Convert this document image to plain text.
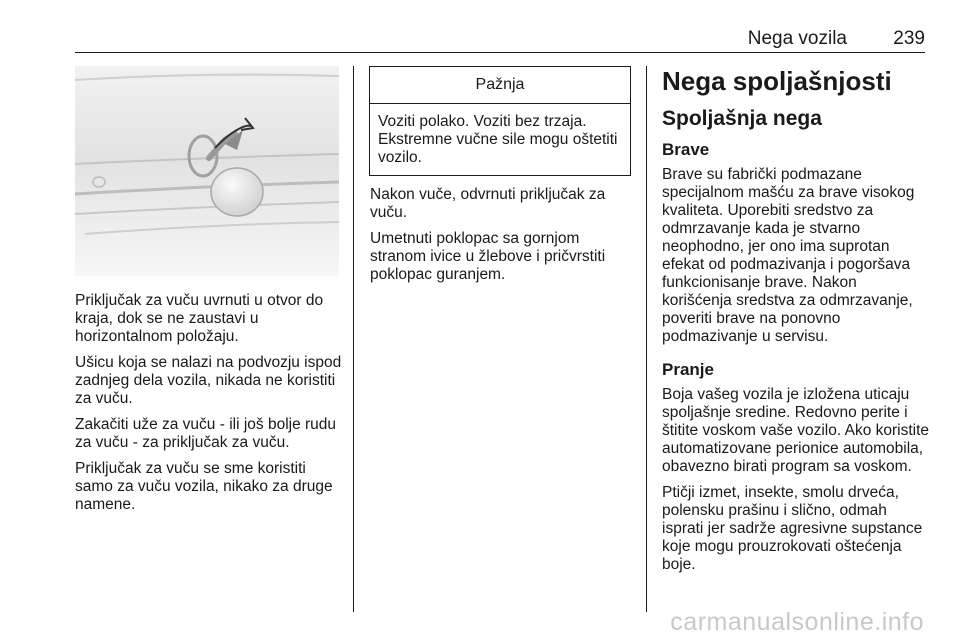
Nega vozila 239

Priključak za vuču uvrnuti u otvor do kraja, dok se ne zaustavi u horizontalnom položaju.

Ušicu koja se nalazi na podvozju ispod zadnjeg dela vozila, nikada ne koristiti za vuču.

Zakačiti uže za vuču - ili još bolje rudu za vuču - za priključak za vuču.

Priključak za vuču se sme koristiti samo za vuču vozila, nikako za druge namene.

Pažnja
Voziti polako. Voziti bez trzaja. Ekstremne vučne sile mogu oštetiti vozilo.

Nakon vuče, odvrnuti priključak za vuču.

Umetnuti poklopac sa gornjom stranom ivice u žlebove i pričvrstiti poklopac guranjem.

Nega spoljašnjosti
Spoljašnja nega
Brave

Brave su fabrički podmazane specijalnom mašću za brave visokog kvaliteta. Uporebiti sredstvo za odmrzavanje kada je stvarno neophodno, jer ono ima suprotan efekat od podmazivanja i pogoršava funkcionisanje brave. Nakon korišćenja sredstva za odmrzavanje, poveriti brave na ponovno podmazivanje u servisu.

Pranje

Boja vašeg vozila je izložena uticaju spoljašnje sredine. Redovno perite i štitite voskom vaše vozilo. Ako koristite automatizovane perionice automobila, obavezno birati program sa voskom.

Ptičji izmet, insekte, smolu drveća, polensku prašinu i slično, odmah isprati jer sadrže agresivne supstance koje mogu prouzrokovati oštećenja boje.

carmanualsonline.info
